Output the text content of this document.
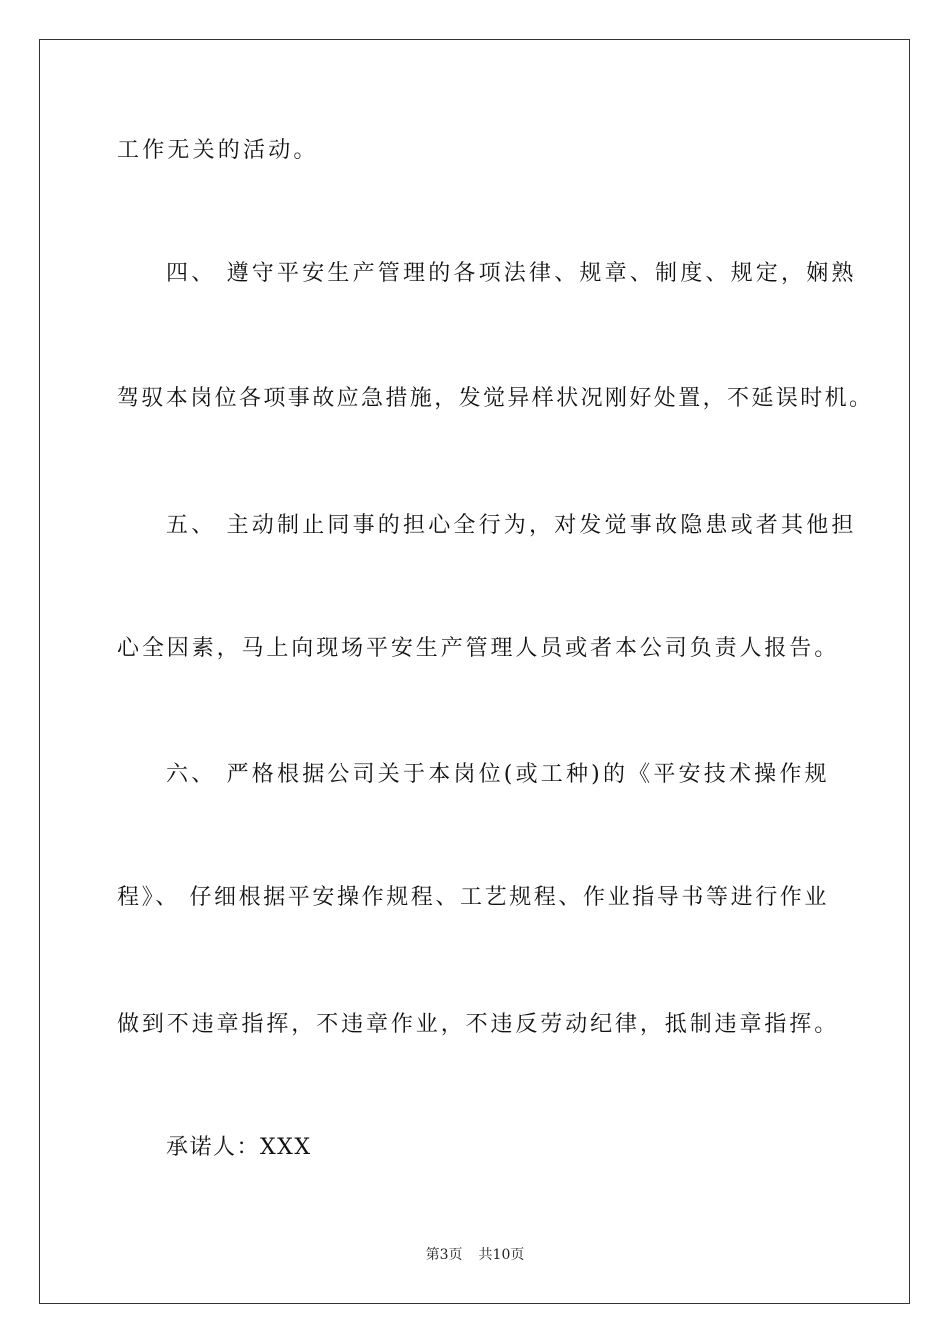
工作无关的活动。
四、 遵守平安生产管理的各项法律、规章、制度、规定，娴熟
驾驭本岗位各项事故应急措施，发觉异样状况刚好处置，不延误时机。
五、 主动制止同事的担心全行为，对发觉事故隐患或者其他担
心全因素，马上向现场平安生产管理人员或者本公司负责人报告。
六、 严格根据公司关于本岗位(或工种)的《平安技术操作规
程》、 仔细根据平安操作规程、工艺规程、作业指导书等进行作业
做到不违章指挥，不违章作业，不违反劳动纪律，抵制违章指挥。
承诺人：XXX
第3页 共10页
